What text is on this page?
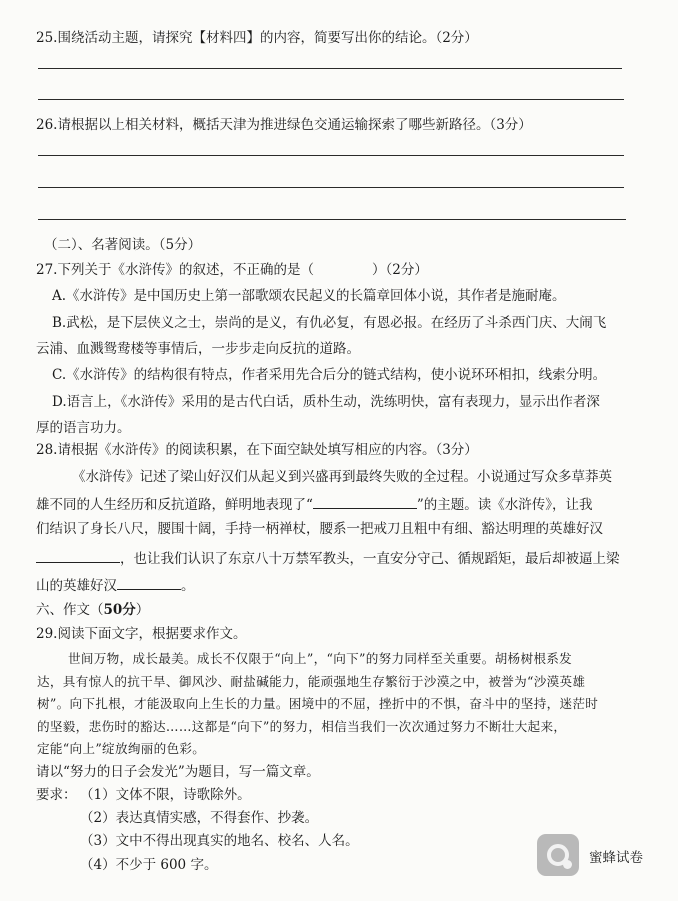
25.围绕活动主题，请探究【材料四】的内容，简要写出你的结论。（2分）
26.请根据以上相关材料，概括天津为推进绿色交通运输探索了哪些新路径。（3分）
（二）、名著阅读。（5分）
27.下列关于《水浒传》的叙述，不正确的是（	）（2分）
A.《水浒传》是中国历史上第一部歌颂农民起义的长篇章回体小说，其作者是施耐庵。
B.武松，是下层侠义之士，崇尚的是义，有仇必复，有恩必报。在经历了斗杀西门庆、大闹飞
云浦、血溅鸳鸯楼等事情后，一步步走向反抗的道路。
C.《水浒传》的结构很有特点，作者采用先合后分的链式结构，使小说环环相扣，线索分明。
D.语言上，《水浒传》采用的是古代白话，质朴生动，洗练明快，富有表现力，显示出作者深
厚的语言功力。
28.请根据《水浒传》的阅读积累，在下面空缺处填写相应的内容。（3分）
《水浒传》记述了梁山好汉们从起义到兴盛再到最终失败的全过程。小说通过写众多草莽英
雄不同的人生经历和反抗道路，鲜明地表现了“	”的主题。读《水浒传》，让我
们结识了身长八尺，腰围十阔，手持一柄禅杖，腰系一把戒刀且粗中有细、豁达明理的英雄好汉
，也让我们认识了东京八十万禁军教头，一直安分守己、循规蹈矩，最后却被逼上梁
山的英雄好汉	。
六、作文（50分）
29.阅读下面文字，根据要求作文。
世间万物，成长最美。成长不仅限于“向上”，“向下”的努力同样至关重要。胡杨树根系发
达，具有惊人的抗干旱、御风沙、耐盐碱能力，能顽强地生存繁衍于沙漠之中，被誉为“沙漠英雄
树”。向下扎根，才能汲取向上生长的力量。困境中的不屈，挫折中的不惧，奋斗中的坚持，迷茫时
的坚毅，悲伤时的豁达……这都是“向下”的努力，相信当我们一次次通过努力不断壮大起来，
定能“向上”绽放绚丽的色彩。
请以“努力的日子会发光”为题目，写一篇文章。
要求： （1）文体不限，诗歌除外。
（2）表达真情实感，不得套作、抄袭。
（3）文中不得出现真实的地名、校名、人名。
（4）不少于 600 字。	蜜蜂试卷
